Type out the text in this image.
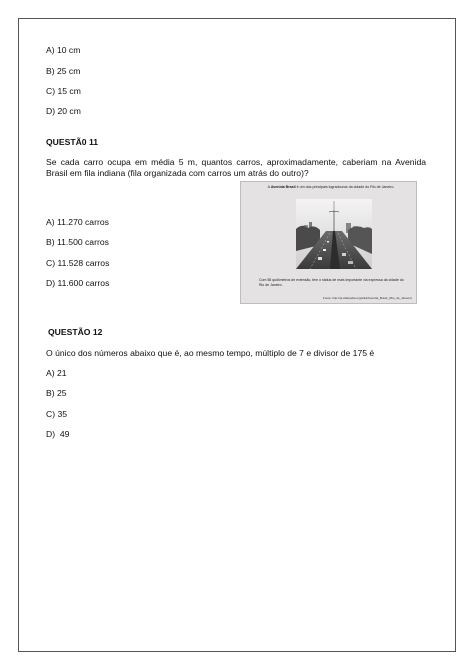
A) 10 cm
B) 25 cm
C) 15 cm
D) 20 cm
QUESTÃ0 11
Se cada carro ocupa em média 5 m, quantos carros, aproximadamente, caberiam na Avenida Brasil em fila indiana (fila organizada com carros um atrás do outro)?
A) 11.270 carros
B) 11.500 carros
C) 11.528 carros
D) 11.600 carros
A Avenida Brasil é um dos principais logradouros da cidade do Rio de Janeiro.
Com 58 quilômetros de extensão, tem o status de mais importante via expressa da cidade do Rio de Janeiro.
Fonte: http://pt.wikipedia.org/wiki/Avenida_Brasil_(Rio_de_Janeiro)
QUESTÃO 12
O único dos números abaixo que é, ao mesmo tempo, múltiplo de 7 e divisor de 175 é
A) 21
B) 25
C) 35
D)  49
